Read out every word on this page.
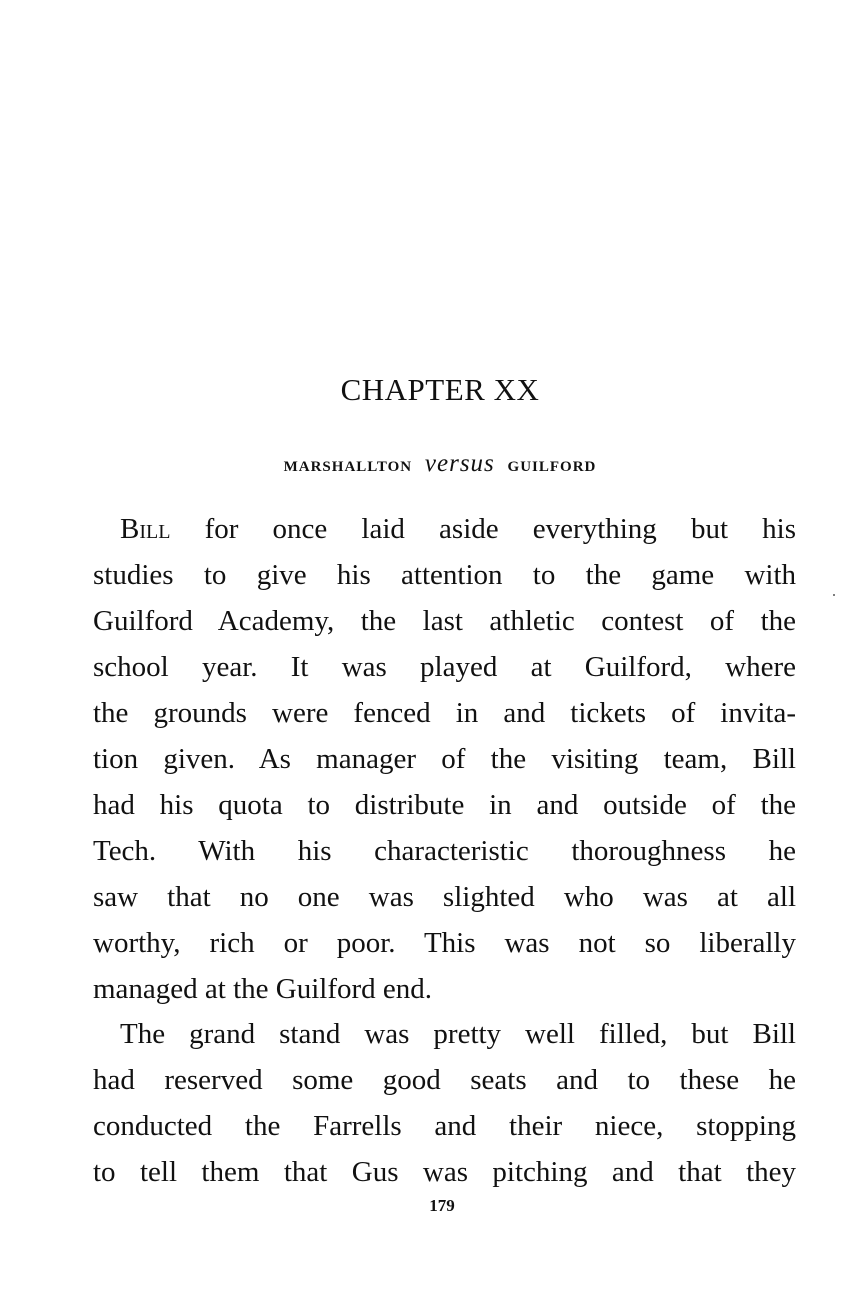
CHAPTER XX
MARSHALLTON versus GUILFORD
Bill for once laid aside everything but his
studies to give his attention to the game with
Guilford Academy, the last athletic contest of the
school year. It was played at Guilford, where
the grounds were fenced in and tickets of invita-
tion given. As manager of the visiting team, Bill
had his quota to distribute in and outside of the
Tech. With his characteristic thoroughness he
saw that no one was slighted who was at all
worthy, rich or poor. This was not so liberally
managed at the Guilford end.
The grand stand was pretty well filled, but Bill
had reserved some good seats and to these he
conducted the Farrells and their niece, stopping
to tell them that Gus was pitching and that they
179
